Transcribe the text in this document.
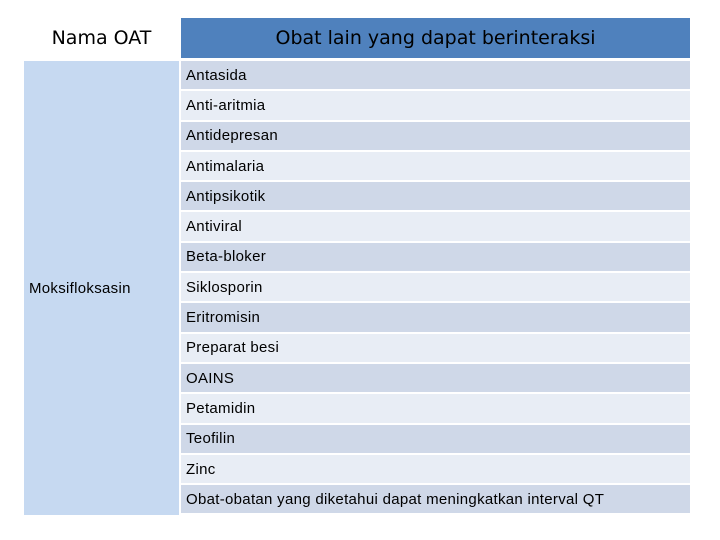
Nama OAT	Obat lain yang dapat berinteraksi
Moksifloksasin
Antasida
Anti-aritmia
Antidepresan
Antimalaria
Antipsikotik
Antiviral
Beta-bloker
Siklosporin
Eritromisin
Preparat besi
OAINS
Petamidin
Teofilin
Zinc
Obat-obatan yang diketahui dapat meningkatkan interval QT
